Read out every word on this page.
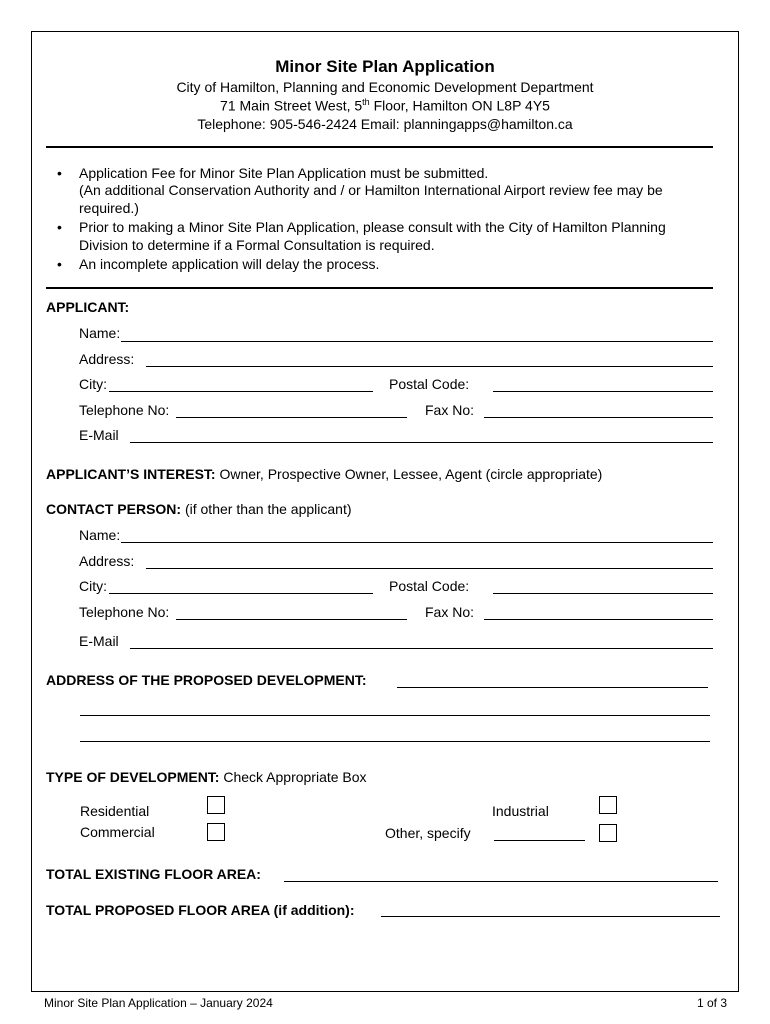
Minor Site Plan Application
City of Hamilton, Planning and Economic Development Department
71 Main Street West, 5th Floor, Hamilton ON L8P 4Y5
Telephone: 905-546-2424 Email: planningapps@hamilton.ca
• Application Fee for Minor Site Plan Application must be submitted.
(An additional Conservation Authority and / or Hamilton International Airport review fee may be
required.)
• Prior to making a Minor Site Plan Application, please consult with the City of Hamilton Planning
Division to determine if a Formal Consultation is required.
• An incomplete application will delay the process.
APPLICANT:
Name:
Address:
City:	Postal Code:
Telephone No:	Fax No:
E-Mail
APPLICANT’S INTEREST: Owner, Prospective Owner, Lessee, Agent (circle appropriate)
CONTACT PERSON: (if other than the applicant)
Name:
Address:
City:	Postal Code:
Telephone No:	Fax No:
E-Mail
ADDRESS OF THE PROPOSED DEVELOPMENT:
TYPE OF DEVELOPMENT: Check Appropriate Box
Residential	Industrial
Commercial	Other, specify
TOTAL EXISTING FLOOR AREA:
TOTAL PROPOSED FLOOR AREA (if addition):
Minor Site Plan Application – January 2024	1 of 3
